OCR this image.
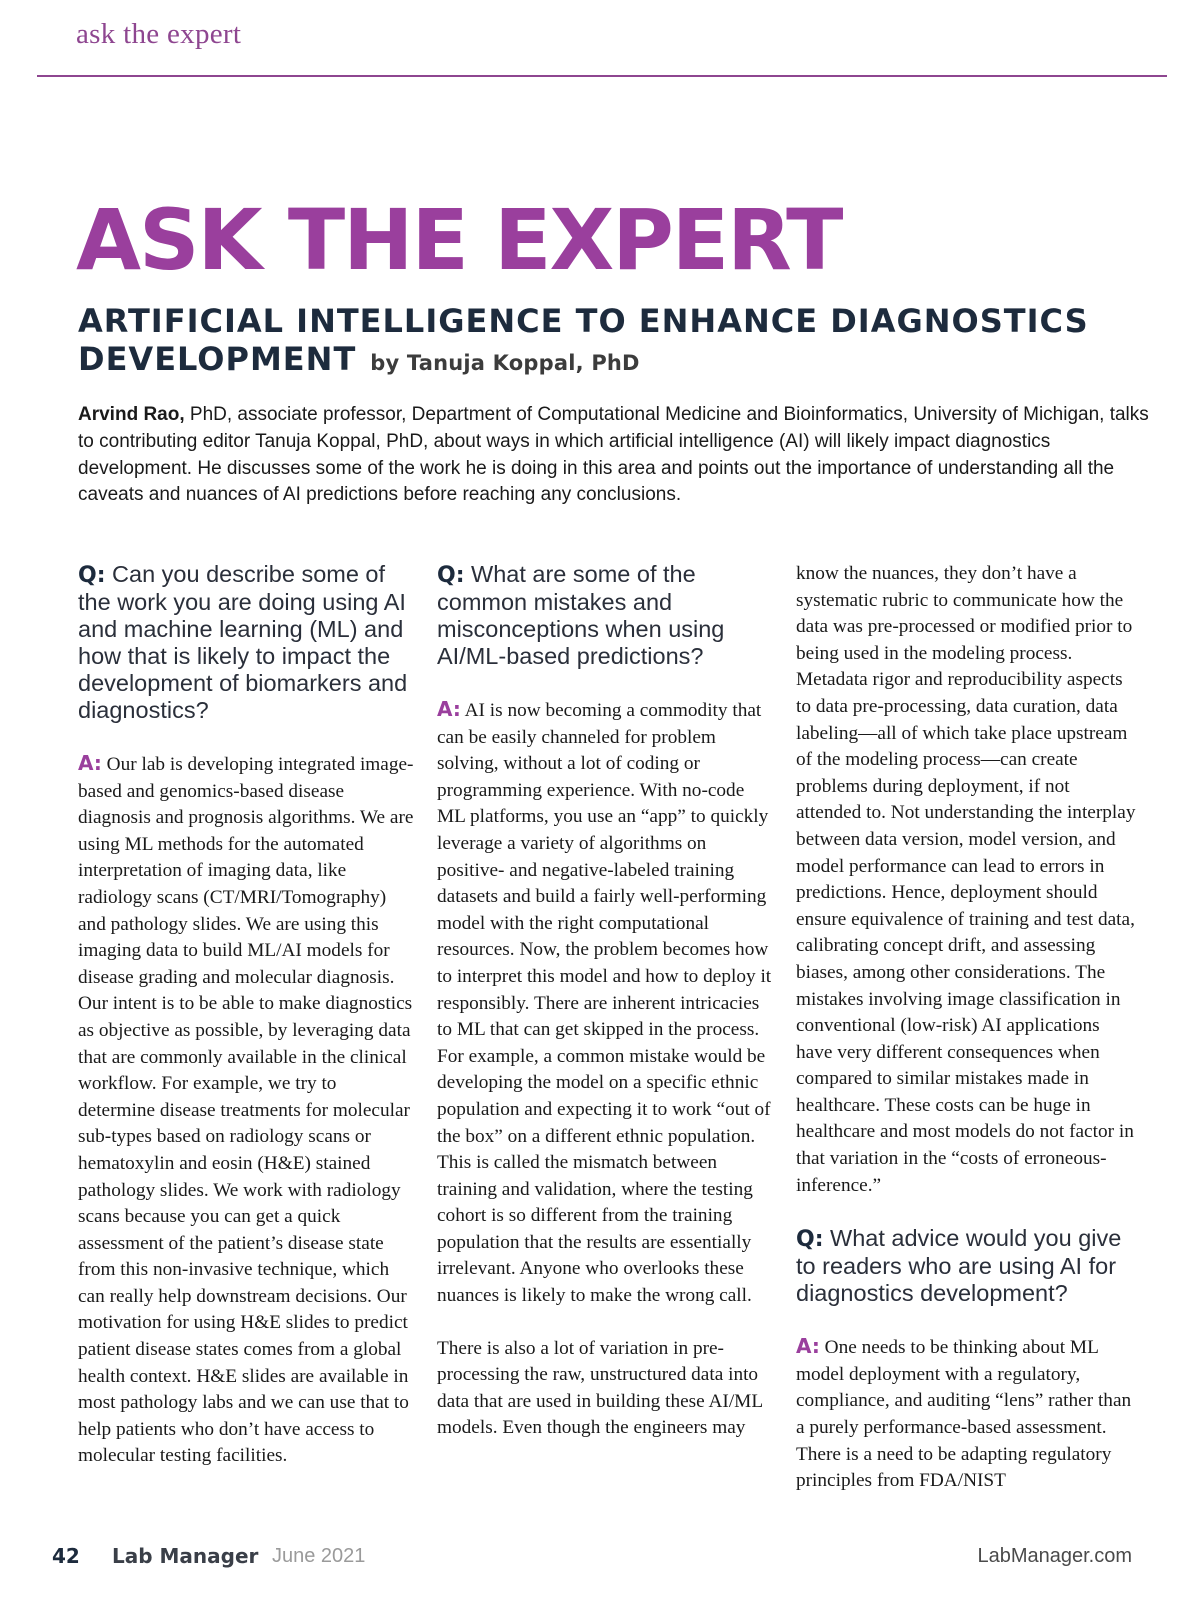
ask the expert
ASK THE EXPERT
ARTIFICIAL INTELLIGENCE TO ENHANCE DIAGNOSTICS DEVELOPMENT by Tanuja Koppal, PhD
Arvind Rao, PhD, associate professor, Department of Computational Medicine and Bioinformatics, University of Michigan, talks to contributing editor Tanuja Koppal, PhD, about ways in which artificial intelligence (AI) will likely impact diagnostics development. He discusses some of the work he is doing in this area and points out the importance of understanding all the caveats and nuances of AI predictions before reaching any conclusions.

Q: Can you describe some of the work you are doing using AI and machine learning (ML) and how that is likely to impact the development of biomarkers and diagnostics?

A: Our lab is developing integrated image-based and genomics-based disease diagnosis and prognosis algorithms. We are using ML methods for the automated interpretation of imaging data, like radiology scans (CT/MRI/Tomography) and pathology slides. We are using this imaging data to build ML/AI models for disease grading and molecular diagnosis. Our intent is to be able to make diagnostics as objective as possible, by leveraging data that are commonly available in the clinical workflow. For example, we try to determine disease treatments for molecular sub-types based on radiology scans or hematoxylin and eosin (H&E) stained pathology slides. We work with radiology scans because you can get a quick assessment of the patient’s disease state from this non-invasive technique, which can really help downstream decisions. Our motivation for using H&E slides to predict patient disease states comes from a global health context. H&E slides are available in most pathology labs and we can use that to help patients who don’t have access to molecular testing facilities.

Q: What are some of the common mistakes and misconceptions when using AI/ML-based predictions?

A: AI is now becoming a commodity that can be easily channeled for problem solving, without a lot of coding or programming experience. With no-code ML platforms, you use an “app” to quickly leverage a variety of algorithms on positive- and negative-labeled training datasets and build a fairly well-performing model with the right computational resources. Now, the problem becomes how to interpret this model and how to deploy it responsibly. There are inherent intricacies to ML that can get skipped in the process. For example, a common mistake would be developing the model on a specific ethnic population and expecting it to work “out of the box” on a different ethnic population. This is called the mismatch between training and validation, where the testing cohort is so different from the training population that the results are essentially irrelevant. Anyone who overlooks these nuances is likely to make the wrong call.

There is also a lot of variation in pre-processing the raw, unstructured data into data that are used in building these AI/ML models. Even though the engineers may

know the nuances, they don’t have a systematic rubric to communicate how the data was pre-processed or modified prior to being used in the modeling process. Metadata rigor and reproducibility aspects to data pre-processing, data curation, data labeling—all of which take place upstream of the modeling process—can create problems during deployment, if not attended to. Not understanding the interplay between data version, model version, and model performance can lead to errors in predictions. Hence, deployment should ensure equivalence of training and test data, calibrating concept drift, and assessing biases, among other considerations. The mistakes involving image classification in conventional (low-risk) AI applications have very different consequences when compared to similar mistakes made in healthcare. These costs can be huge in healthcare and most models do not factor in that variation in the “costs of erroneous-inference.”

Q: What advice would you give to readers who are using AI for diagnostics development?

A: One needs to be thinking about ML model deployment with a regulatory, compliance, and auditing “lens” rather than a purely performance-based assessment. There is a need to be adapting regulatory principles from FDA/NIST

42 Lab Manager June 2021	LabManager.com
